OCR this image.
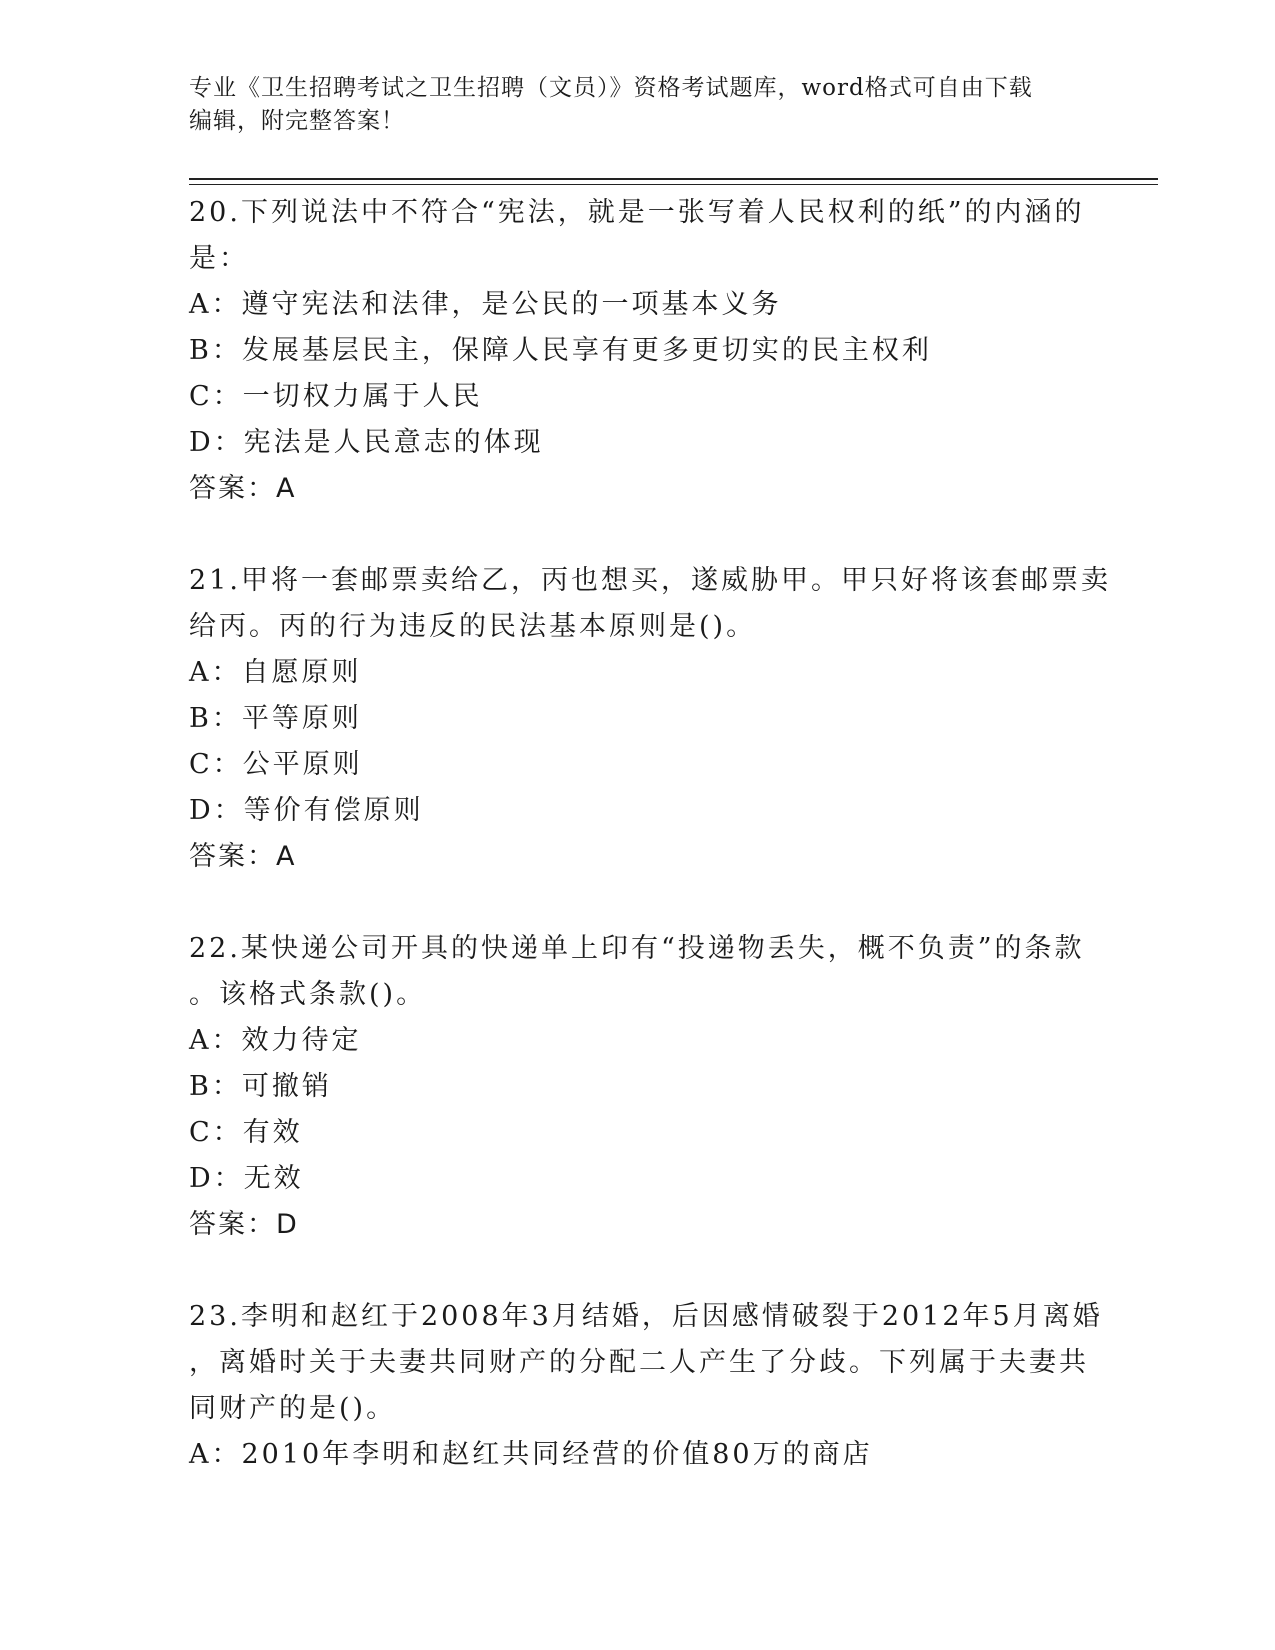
专业《卫生招聘考试之卫生招聘（文员）》资格考试题库，word格式可自由下载
编辑，附完整答案！
20.下列说法中不符合“宪法，就是一张写着人民权利的纸”的内涵的
是：
A：遵守宪法和法律，是公民的一项基本义务
B：发展基层民主，保障人民享有更多更切实的民主权利
C：一切权力属于人民
D：宪法是人民意志的体现
答案：A
21.甲将一套邮票卖给乙，丙也想买，遂威胁甲。甲只好将该套邮票卖
给丙。丙的行为违反的民法基本原则是()。
A：自愿原则
B：平等原则
C：公平原则
D：等价有偿原则
答案：A
22.某快递公司开具的快递单上印有“投递物丢失，概不负责”的条款
。该格式条款()。
A：效力待定
B：可撤销
C：有效
D：无效
答案：D
23.李明和赵红于2008年3月结婚，后因感情破裂于2012年5月离婚
，离婚时关于夫妻共同财产的分配二人产生了分歧。下列属于夫妻共
同财产的是()。
A：2010年李明和赵红共同经营的价值80万的商店
